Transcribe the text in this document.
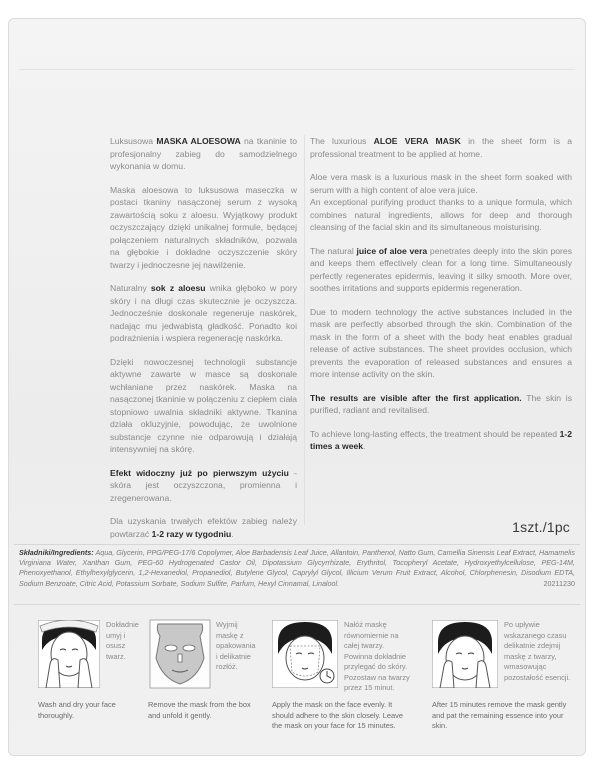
Luksusowa MASKA ALOESOWA na tkaninie to profesjonalny zabieg do samodzielnego wykonania w domu.

Maska aloesowa to luksusowa maseczka w postaci tkaniny nasączonej serum z wysoką zawartością soku z aloesu. Wyjątkowy produkt oczyszczający dzięki unikalnej formule, będącej połączeniem naturalnych składników, pozwala na głębokie i dokładne oczyszczenie skóry twarzy i jednoczesne jej nawilżenie.

Naturalny sok z aloesu wnika głęboko w pory skóry i na długi czas skutecznie je oczyszcza. Jednocześnie doskonale regeneruje naskórek, nadając mu jedwabistą gładkość. Ponadto koi podrażnienia i wspiera regenerację naskórka.

Dzięki nowoczesnej technologii substancje aktywne zawarte w masce są doskonale wchłaniane przez naskórek. Maska na nasączonej tkaninie w połączeniu z ciepłem ciała stopniowo uwalnia składniki aktywne. Tkanina działa okluzyjnie, powodując, że uwolnione substancje czynne nie odparowują i działają intensywniej na skórę.

Efekt widoczny już po pierwszym użyciu - skóra jest oczyszczona, promienna i zregenerowana.

Dla uzyskania trwałych efektów zabieg należy powtarzać 1-2 razy w tygodniu.

The luxurious ALOE VERA MASK in the sheet form is a professional treatment to be applied at home.

Aloe vera mask is a luxurious mask in the sheet form soaked with serum with a high content of aloe vera juice.

An exceptional purifying product thanks to a unique formula, which combines natural ingredients, allows for deep and thorough cleansing of the facial skin and its simultaneous moisturising.

The natural juice of aloe vera penetrates deeply into the skin pores and keeps them effectively clean for a long time. Simultaneously perfectly regenerates epidermis, leaving it silky smooth. More over, soothes irritations and supports epidermis regeneration.

Due to modern technology the active substances included in the mask are perfectly absorbed through the skin. Combination of the mask in the form of a sheet with the body heat enables gradual release of active substances. The sheet provides occlusion, which prevents the evaporation of released substances and ensures a more intense activity on the skin.

The results are visible after the first application. The skin is purified, radiant and revitalised.

To achieve long-lasting effects, the treatment should be repeated 1-2 times a week.

1szt./1pc
Składniki/Ingredients: Aqua, Glycerin, PPG/PEG-17/6 Copolymer, Aloe Barbadensis Leaf Juice, Allantoin, Panthenol, Natto Gum, Camellia Sinensis Leaf Extract, Hamamelis Virginiana Water, Xanthan Gum, PEG-60 Hydrogenated Castor Oil, Dipotassium Glycyrrhizate, Erythritol, Tocopheryl Acetate, Hydroxyethylcellulose, PEG-14M, Phenoxyethanol, Ethylhexylglycerin, 1,2-Hexanediol, Propanediol, Butylene Glycol, Caprylyl Glycol, Illicium Verum Fruit Extract, Alcohol, Chlorphenesin, Disodium EDTA, Sodium Benzoate, Citric Acid, Potassium Sorbate, Sodium Sulfite, Parfum, Hexyl Cinnamal, Linalool.	20211230
Dokładnie umyj i osusz twarz.
Wash and dry your face thoroughly.
Wyjmij maskę z opakowania i delikatnie rozłóż.
Remove the mask from the box and unfold it gently.
Nałóż maskę równomiernie na całej twarzy. Powinna dokładnie przylegać do skóry. Pozostaw na twarzy przez 15 minut.
Apply the mask on the face evenly. It should adhere to the skin closely. Leave the mask on your face for 15 minutes.
Po upływie wskazanego czasu delikatnie zdejmij maskę z twarzy, wmasowując pozostałość esencji.
After 15 minutes remove the mask gently and pat the remaining essence into your skin.
